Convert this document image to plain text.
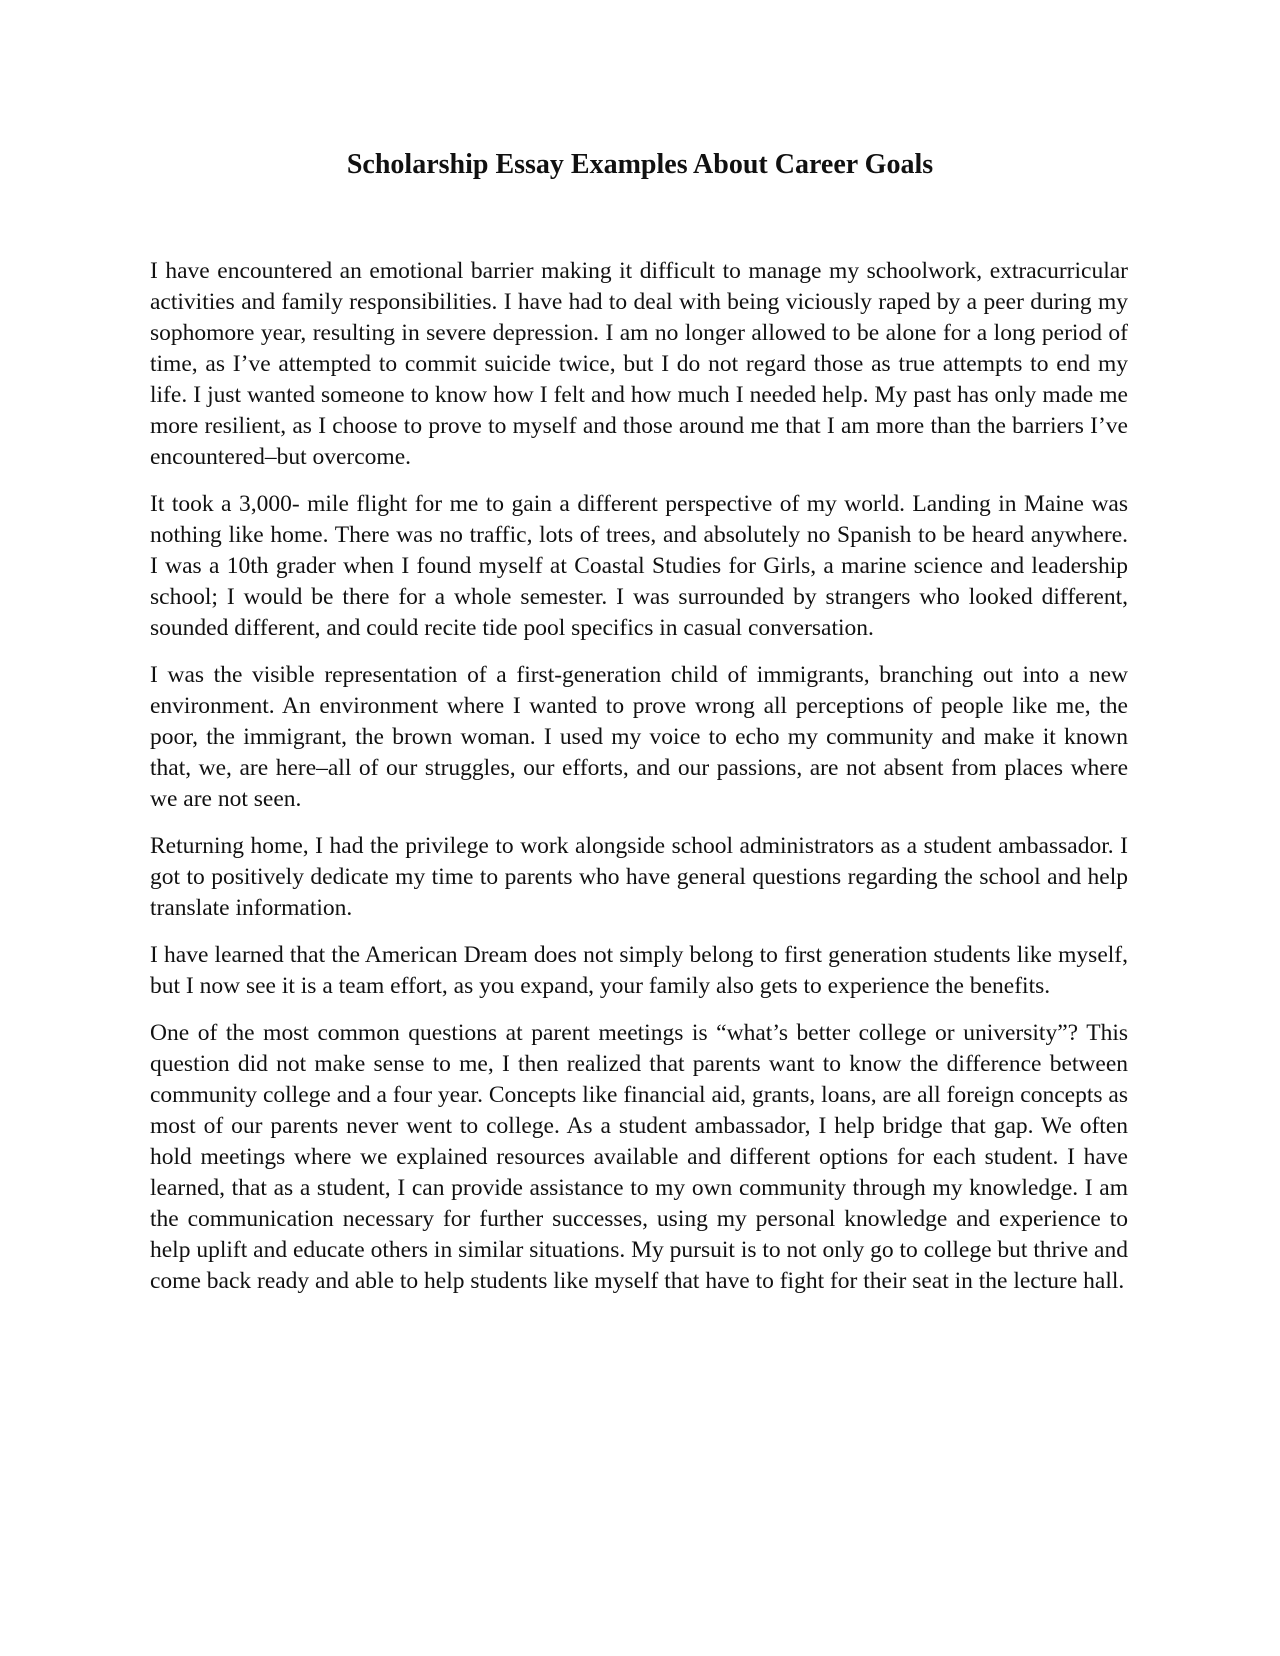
Scholarship Essay Examples About Career Goals

I have encountered an emotional barrier making it difficult to manage my schoolwork, extracurricular activities and family responsibilities. I have had to deal with being viciously raped by a peer during my sophomore year, resulting in severe depression. I am no longer allowed to be alone for a long period of time, as I’ve attempted to commit suicide twice, but I do not regard those as true attempts to end my life. I just wanted someone to know how I felt and how much I needed help. My past has only made me more resilient, as I choose to prove to myself and those around me that I am more than the barriers I’ve encountered–but overcome.

It took a 3,000- mile flight for me to gain a different perspective of my world. Landing in Maine was nothing like home. There was no traffic, lots of trees, and absolutely no Spanish to be heard anywhere. I was a 10th grader when I found myself at Coastal Studies for Girls, a marine science and leadership school; I would be there for a whole semester. I was surrounded by strangers who looked different, sounded different, and could recite tide pool specifics in casual conversation.

I was the visible representation of a first-generation child of immigrants, branching out into a new environment. An environment where I wanted to prove wrong all perceptions of people like me, the poor, the immigrant, the brown woman. I used my voice to echo my community and make it known that, we, are here–all of our struggles, our efforts, and our passions, are not absent from places where we are not seen.

Returning home, I had the privilege to work alongside school administrators as a student ambassador. I got to positively dedicate my time to parents who have general questions regarding the school and help translate information.

I have learned that the American Dream does not simply belong to first generation students like myself, but I now see it is a team effort, as you expand, your family also gets to experience the benefits.

One of the most common questions at parent meetings is “what’s better college or university”? This question did not make sense to me, I then realized that parents want to know the difference between community college and a four year. Concepts like financial aid, grants, loans, are all foreign concepts as most of our parents never went to college. As a student ambassador, I help bridge that gap. We often hold meetings where we explained resources available and different options for each student. I have learned, that as a student, I can provide assistance to my own community through my knowledge. I am the communication necessary for further successes, using my personal knowledge and experience to help uplift and educate others in similar situations. My pursuit is to not only go to college but thrive and come back ready and able to help students like myself that have to fight for their seat in the lecture hall.
